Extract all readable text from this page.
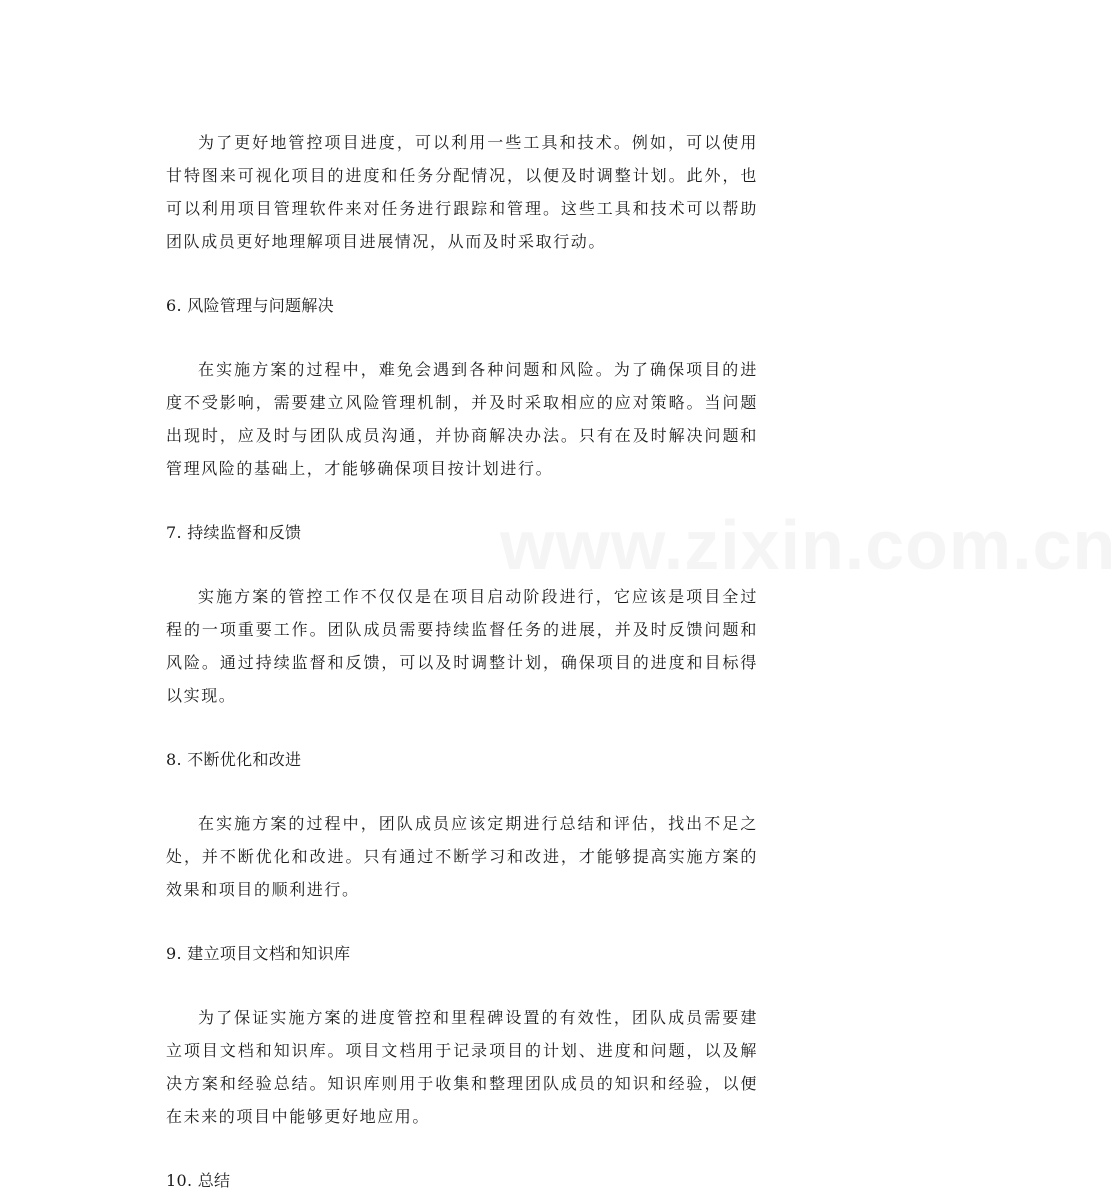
为了更好地管控项目进度，可以利用一些工具和技术。例如，可以使用甘特图来可视化项目的进度和任务分配情况，以便及时调整计划。此外，也可以利用项目管理软件来对任务进行跟踪和管理。这些工具和技术可以帮助团队成员更好地理解项目进展情况，从而及时采取行动。

6. 风险管理与问题解决

在实施方案的过程中，难免会遇到各种问题和风险。为了确保项目的进度不受影响，需要建立风险管理机制，并及时采取相应的应对策略。当问题出现时，应及时与团队成员沟通，并协商解决办法。只有在及时解决问题和管理风险的基础上，才能够确保项目按计划进行。

7. 持续监督和反馈

实施方案的管控工作不仅仅是在项目启动阶段进行，它应该是项目全过程的一项重要工作。团队成员需要持续监督任务的进展，并及时反馈问题和风险。通过持续监督和反馈，可以及时调整计划，确保项目的进度和目标得以实现。

8. 不断优化和改进

在实施方案的过程中，团队成员应该定期进行总结和评估，找出不足之处，并不断优化和改进。只有通过不断学习和改进，才能够提高实施方案的效果和项目的顺利进行。

9. 建立项目文档和知识库

为了保证实施方案的进度管控和里程碑设置的有效性，团队成员需要建立项目文档和知识库。项目文档用于记录项目的计划、进度和问题，以及解决方案和经验总结。知识库则用于收集和整理团队成员的知识和经验，以便在未来的项目中能够更好地应用。

10. 总结

www.zixin.com.cn
